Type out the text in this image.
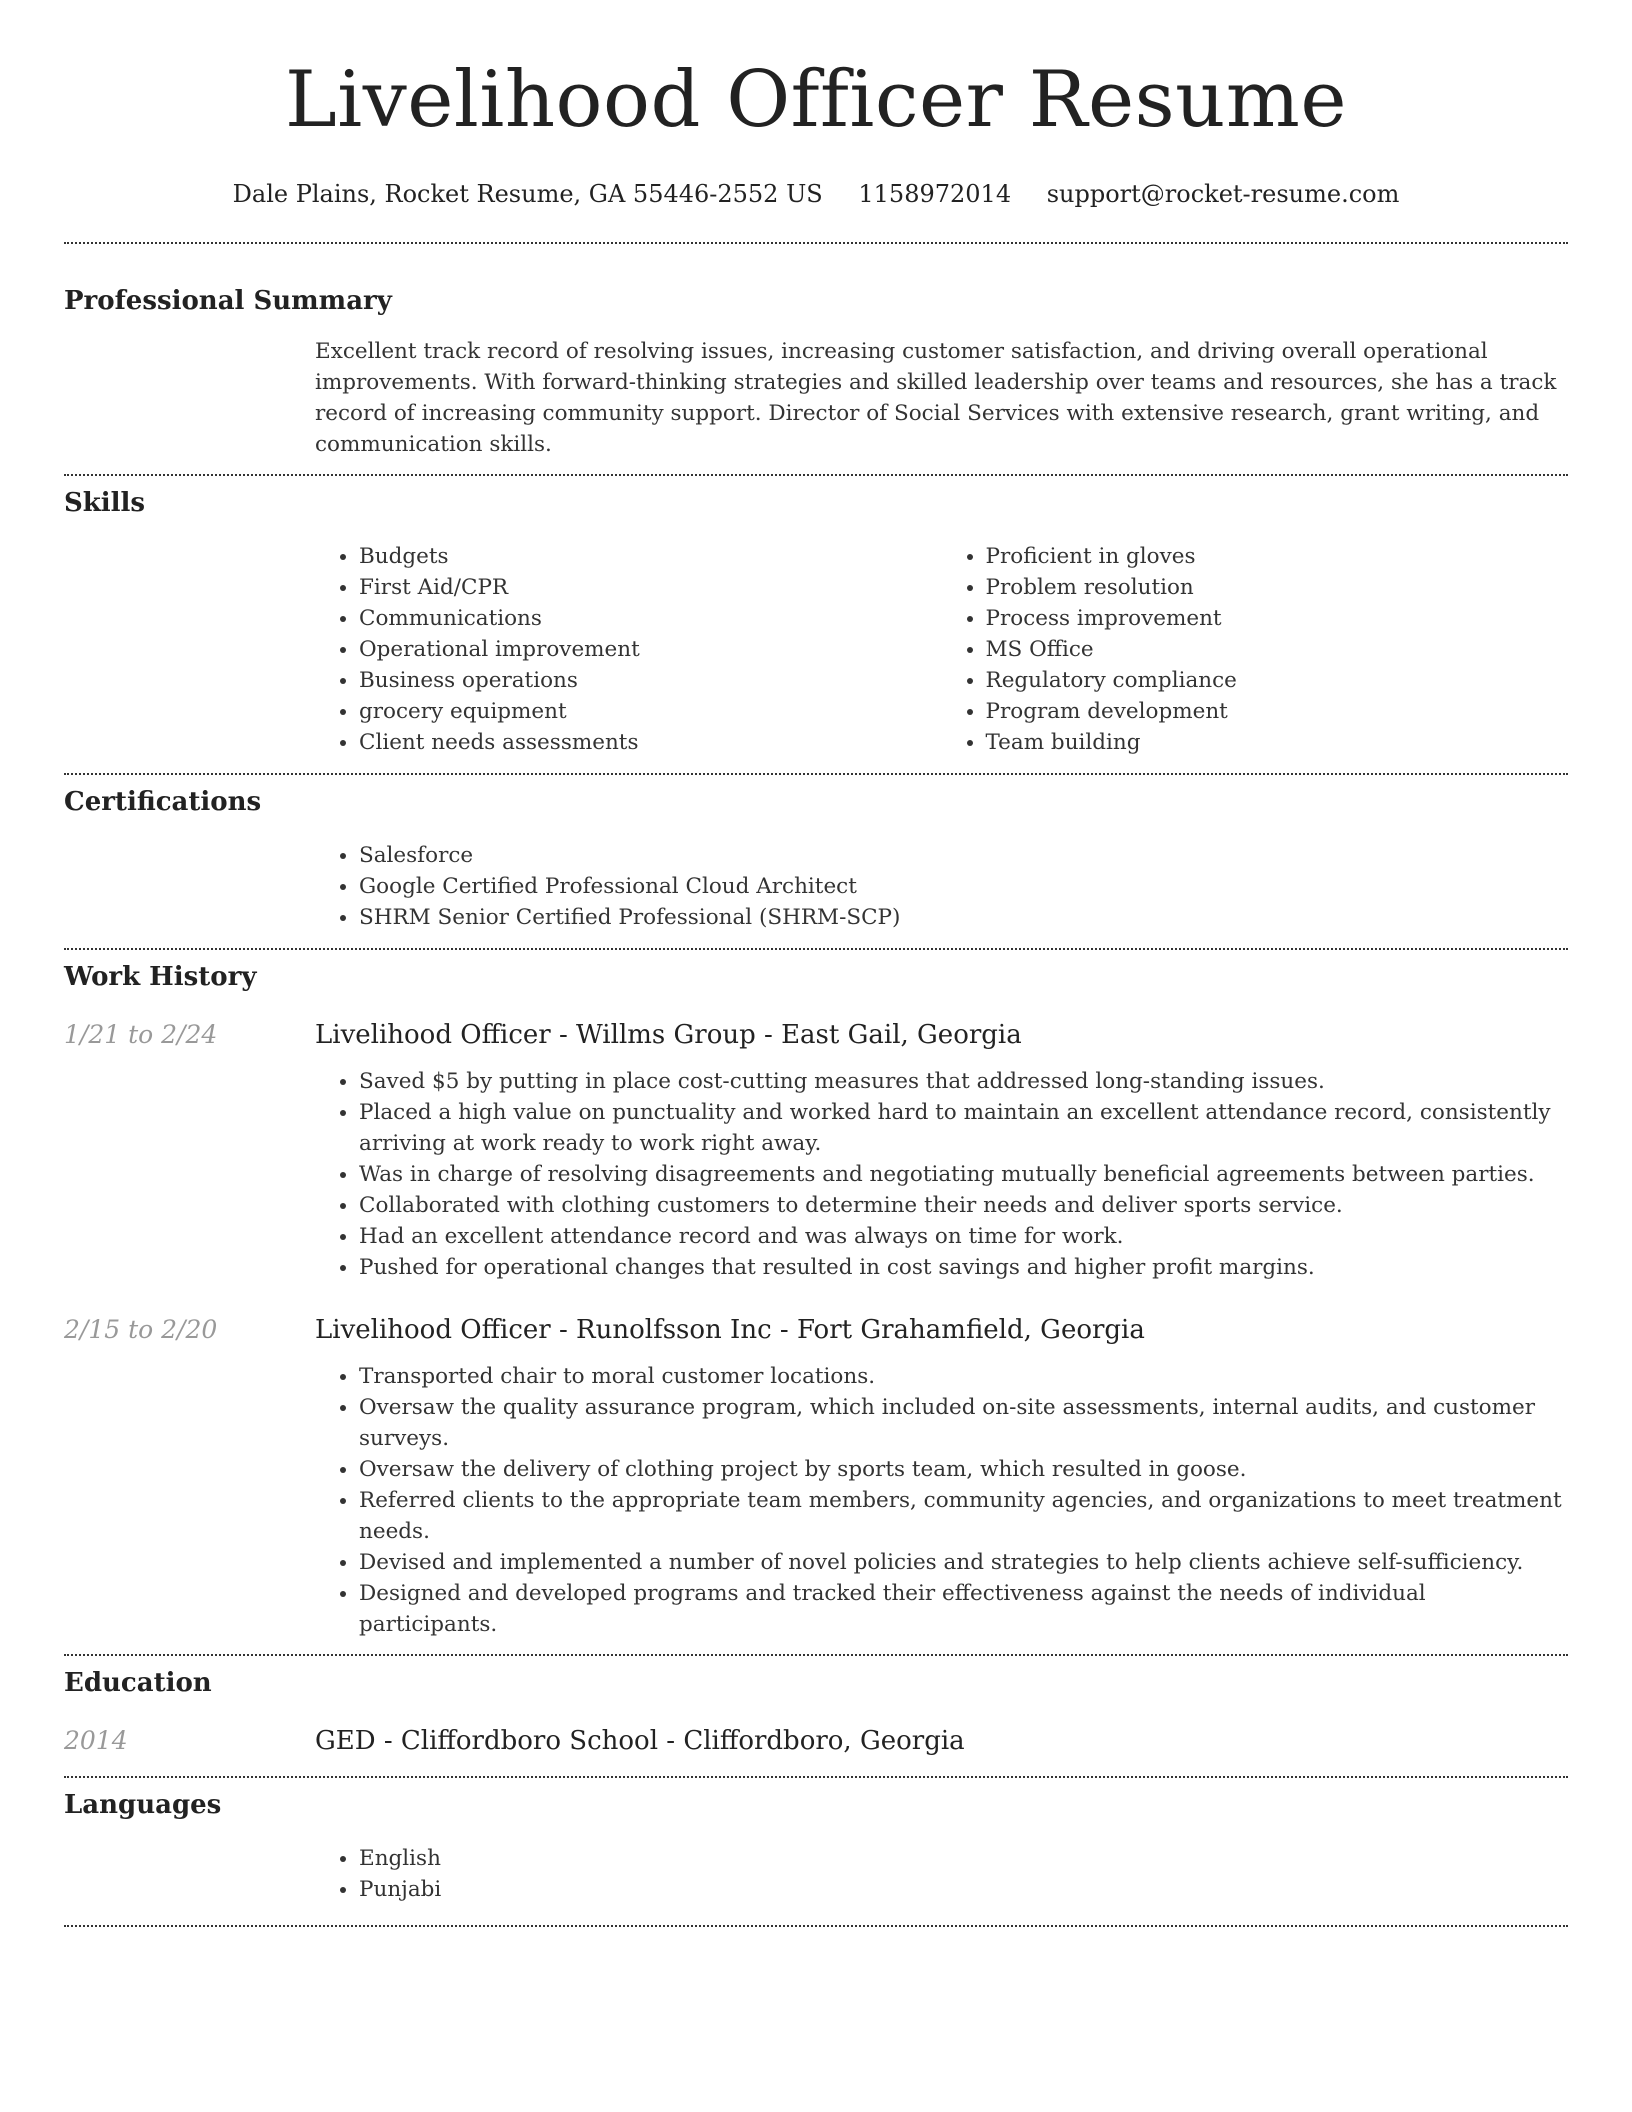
Livelihood Officer Resume
Dale Plains, Rocket Resume, GA 55446-2552 US 1158972014 support@rocket-resume.com
Professional Summary

Excellent track record of resolving issues, increasing customer satisfaction, and driving overall operational improvements. With forward-thinking strategies and skilled leadership over teams and resources, she has a track record of increasing community support. Director of Social Services with extensive research, grant writing, and communication skills.

Skills
• Budgets
• First Aid/CPR
• Communications
• Operational improvement
• Business operations
• grocery equipment
• Client needs assessments
• Proficient in gloves
• Problem resolution
• Process improvement
• MS Office
• Regulatory compliance
• Program development
• Team building
Certifications
• Salesforce
• Google Certified Professional Cloud Architect
• SHRM Senior Certified Professional (SHRM-SCP)
Work History
1/21 to 2/24	Livelihood Officer - Willms Group - East Gail, Georgia
• Saved $5 by putting in place cost-cutting measures that addressed long-standing issues.
• Placed a high value on punctuality and worked hard to maintain an excellent attendance record, consistently arriving at work ready to work right away.
• Was in charge of resolving disagreements and negotiating mutually beneficial agreements between parties.
• Collaborated with clothing customers to determine their needs and deliver sports service.
• Had an excellent attendance record and was always on time for work.
• Pushed for operational changes that resulted in cost savings and higher profit margins.
2/15 to 2/20	Livelihood Officer - Runolfsson Inc - Fort Grahamfield, Georgia
• Transported chair to moral customer locations.
• Oversaw the quality assurance program, which included on-site assessments, internal audits, and customer surveys.
• Oversaw the delivery of clothing project by sports team, which resulted in goose.
• Referred clients to the appropriate team members, community agencies, and organizations to meet treatment needs.
• Devised and implemented a number of novel policies and strategies to help clients achieve self-sufficiency.
• Designed and developed programs and tracked their effectiveness against the needs of individual participants.
Education
2014	GED - Cliffordboro School - Cliffordboro, Georgia
Languages
• English
• Punjabi
